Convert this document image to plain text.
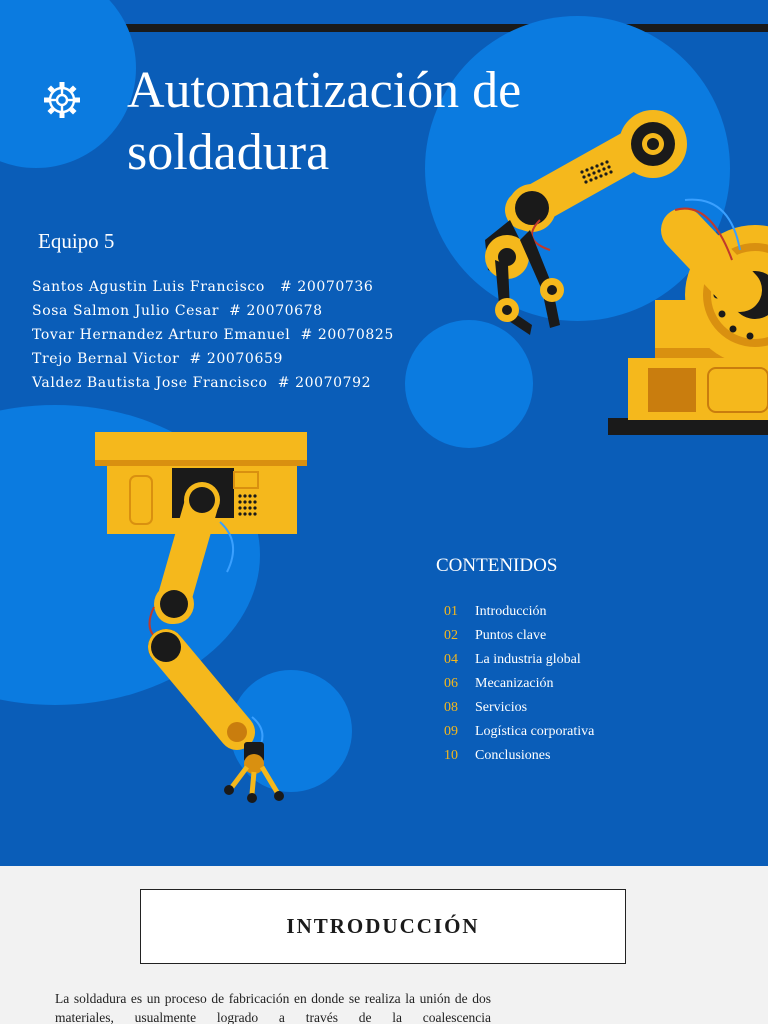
Automatización de soldadura
Equipo 5
Santos Agustin Luis Francisco   # 20070736
Sosa Salmon Julio Cesar  # 20070678
Tovar Hernandez Arturo Emanuel  # 20070825
Trejo Bernal Victor  # 20070659
Valdez Bautista Jose Francisco  # 20070792
CONTENIDOS
01 Introducción
02 Puntos clave
04 La industria global
06 Mecanización
08 Servicios
09 Logística corporativa
10 Conclusiones
INTRODUCCIÓN

La soldadura es un proceso de fabricación en donde se realiza la unión de dos materiales, usualmente logrado a través de la coalescencia
